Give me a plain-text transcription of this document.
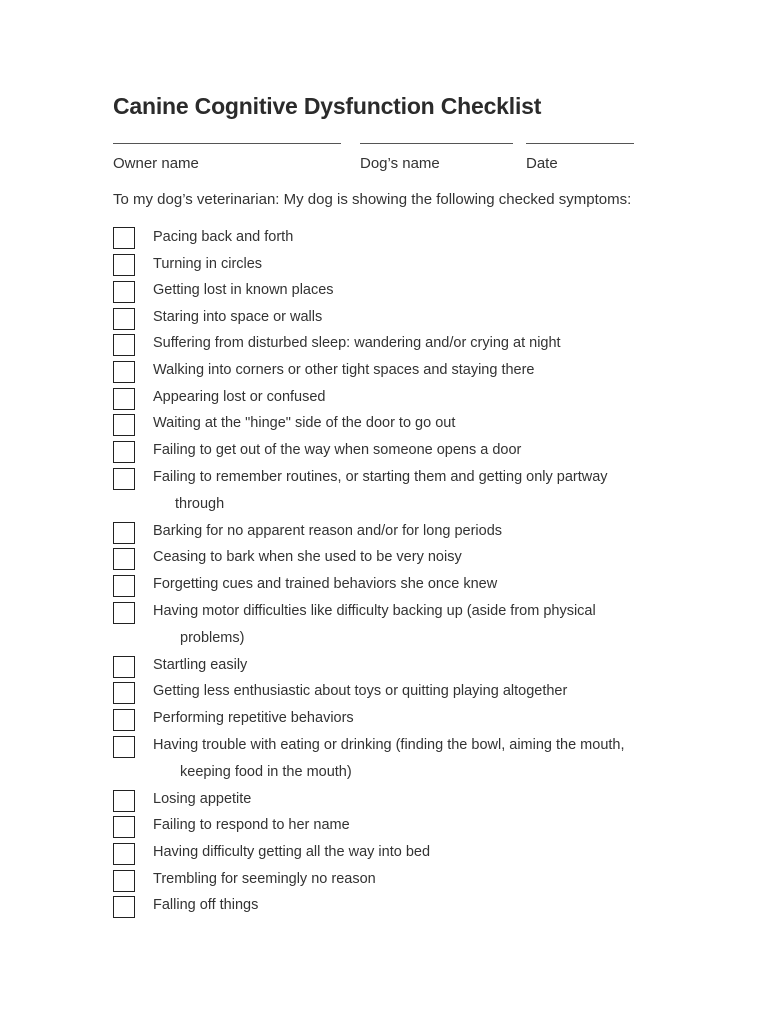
Canine Cognitive Dysfunction Checklist
Owner name	Dog’s name	Date
To my dog’s veterinarian: My dog is showing the following checked symptoms:
Pacing back and forth
Turning in circles
Getting lost in known places
Staring into space or walls
Suffering from disturbed sleep: wandering and/or crying at night
Walking into corners or other tight spaces and staying there
Appearing lost or confused
Waiting at the "hinge" side of the door to go out
Failing to get out of the way when someone opens a door
Failing to remember routines, or starting them and getting only partway
through
Barking for no apparent reason and/or for long periods
Ceasing to bark when she used to be very noisy
Forgetting cues and trained behaviors she once knew
Having motor difficulties like difficulty backing up (aside from physical
problems)
Startling easily
Getting less enthusiastic about toys or quitting playing altogether
Performing repetitive behaviors
Having trouble with eating or drinking (finding the bowl, aiming the mouth,
keeping food in the mouth)
Losing appetite
Failing to respond to her name
Having difficulty getting all the way into bed
Trembling for seemingly no reason
Falling off things
